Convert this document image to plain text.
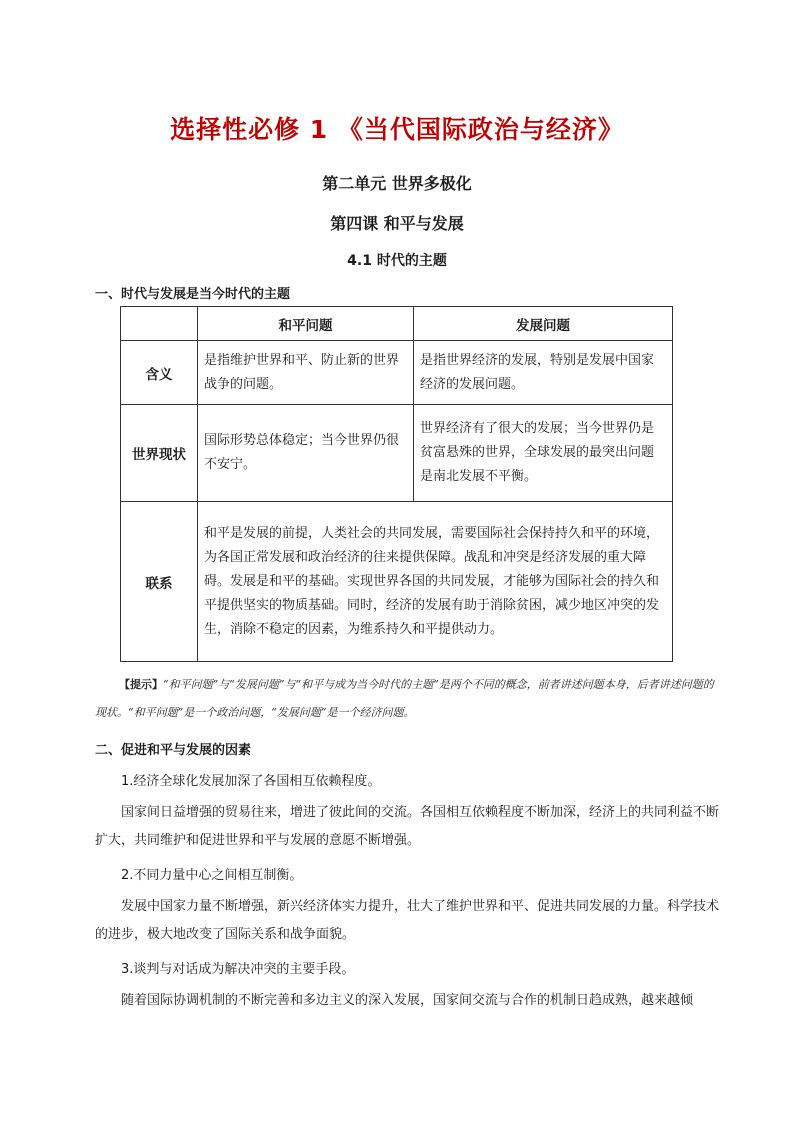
选择性必修 1 《当代国际政治与经济》
第二单元 世界多极化
第四课 和平与发展
4.1 时代的主题
一、时代与发展是当今时代的主题
	和平问题	发展问题
含义	是指维护世界和平、防止新的世界战争的问题。	是指世界经济的发展，特别是发展中国家经济的发展问题。
世界现状	国际形势总体稳定；当今世界仍很不安宁。	世界经济有了很大的发展；当今世界仍是贫富悬殊的世界，全球发展的最突出问题是南北发展不平衡。
联系	和平是发展的前提，人类社会的共同发展，需要国际社会保持持久和平的环境，为各国正常发展和政治经济的往来提供保障。战乱和冲突是经济发展的重大障碍。发展是和平的基础。实现世界各国的共同发展，才能够为国际社会的持久和平提供坚实的物质基础。同时，经济的发展有助于消除贫困，减少地区冲突的发生，消除不稳定的因素，为维系持久和平提供动力。	
【提示】“和平问题”与“发展问题”与“和平与成为当今时代的主题”是两个不同的概念，前者讲述问题本身，后者讲述问题的现状。“和平问题”是一个政治问题，“发展问题”是一个经济问题。
二、促进和平与发展的因素
1.经济全球化发展加深了各国相互依赖程度。
国家间日益增强的贸易往来，增进了彼此间的交流。各国相互依赖程度不断加深，经济上的共同利益不断扩大，共同维护和促进世界和平与发展的意愿不断增强。
2.不同力量中心之间相互制衡。
发展中国家力量不断增强，新兴经济体实力提升，壮大了维护世界和平、促进共同发展的力量。科学技术的进步，极大地改变了国际关系和战争面貌。
3.谈判与对话成为解决冲突的主要手段。
随着国际协调机制的不断完善和多边主义的深入发展，国家间交流与合作的机制日趋成熟，越来越倾
